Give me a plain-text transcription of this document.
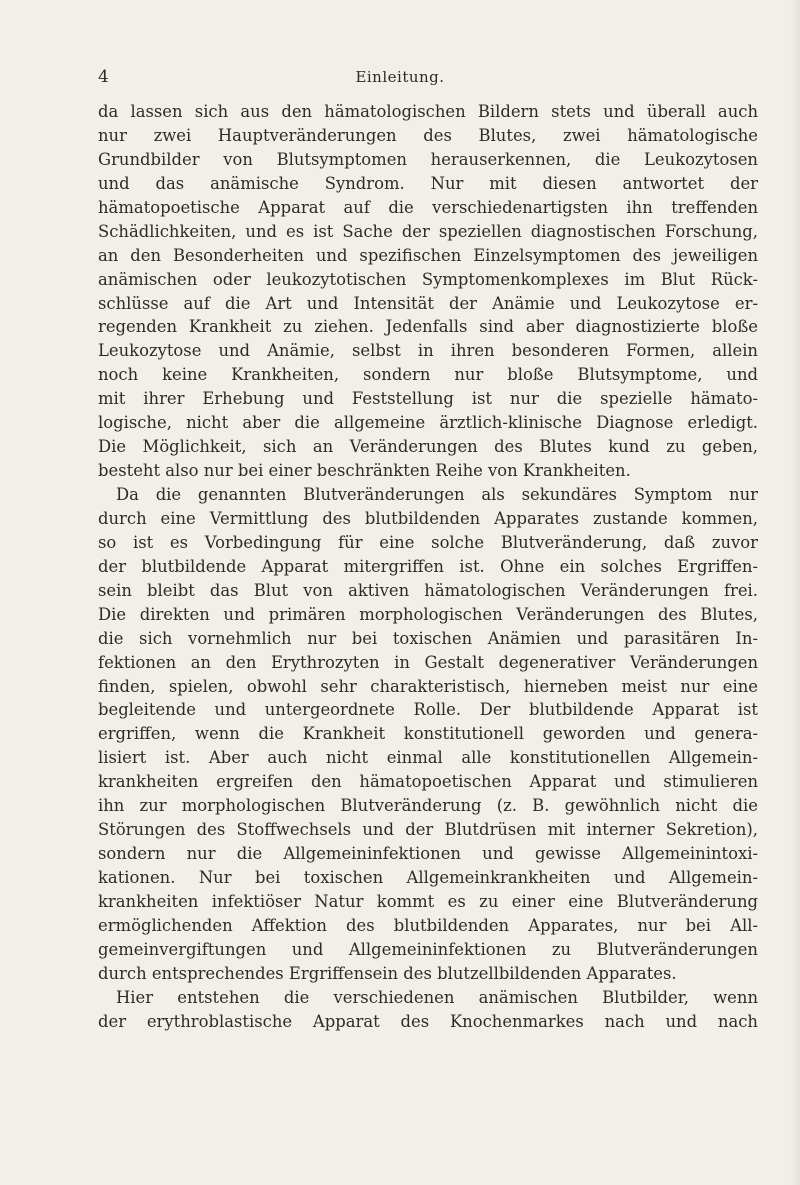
4	Einleitung.
da lassen sich aus den hämatologischen Bildern stets und überall auch
nur zwei Hauptveränderungen des Blutes, zwei hämatologische
Grundbilder von Blutsymptomen herauserkennen, die Leukozytosen
und das anämische Syndrom. Nur mit diesen antwortet der
hämatopoetische Apparat auf die verschiedenartigsten ihn treffenden
Schädlichkeiten, und es ist Sache der speziellen diagnostischen Forschung,
an den Besonderheiten und spezifischen Einzelsymptomen des jeweiligen
anämischen oder leukozytotischen Symptomenkomplexes im Blut Rück-
schlüsse auf die Art und Intensität der Anämie und Leukozytose er-
regenden Krankheit zu ziehen. Jedenfalls sind aber diagnostizierte bloße
Leukozytose und Anämie, selbst in ihren besonderen Formen, allein
noch keine Krankheiten, sondern nur bloße Blutsymptome, und
mit ihrer Erhebung und Feststellung ist nur die spezielle hämato-
logische, nicht aber die allgemeine ärztlich-klinische Diagnose erledigt.
Die Möglichkeit, sich an Veränderungen des Blutes kund zu geben,
besteht also nur bei einer beschränkten Reihe von Krankheiten.
Da die genannten Blutveränderungen als sekundäres Symptom nur
durch eine Vermittlung des blutbildenden Apparates zustande kommen,
so ist es Vorbedingung für eine solche Blutveränderung, daß zuvor
der blutbildende Apparat mitergriffen ist. Ohne ein solches Ergriffen-
sein bleibt das Blut von aktiven hämatologischen Veränderungen frei.
Die direkten und primären morphologischen Veränderungen des Blutes,
die sich vornehmlich nur bei toxischen Anämien und parasitären In-
fektionen an den Erythrozyten in Gestalt degenerativer Veränderungen
finden, spielen, obwohl sehr charakteristisch, hierneben meist nur eine
begleitende und untergeordnete Rolle. Der blutbildende Apparat ist
ergriffen, wenn die Krankheit konstitutionell geworden und genera-
lisiert ist. Aber auch nicht einmal alle konstitutionellen Allgemein-
krankheiten ergreifen den hämatopoetischen Apparat und stimulieren
ihn zur morphologischen Blutveränderung (z. B. gewöhnlich nicht die
Störungen des Stoffwechsels und der Blutdrüsen mit interner Sekretion),
sondern nur die Allgemeininfektionen und gewisse Allgemeinintoxi-
kationen. Nur bei toxischen Allgemeinkrankheiten und Allgemein-
krankheiten infektiöser Natur kommt es zu einer eine Blutveränderung
ermöglichenden Affektion des blutbildenden Apparates, nur bei All-
gemeinvergiftungen und Allgemeininfektionen zu Blutveränderungen
durch entsprechendes Ergriffensein des blutzellbildenden Apparates.
Hier entstehen die verschiedenen anämischen Blutbilder, wenn
der erythroblastische Apparat des Knochenmarkes nach und nach
